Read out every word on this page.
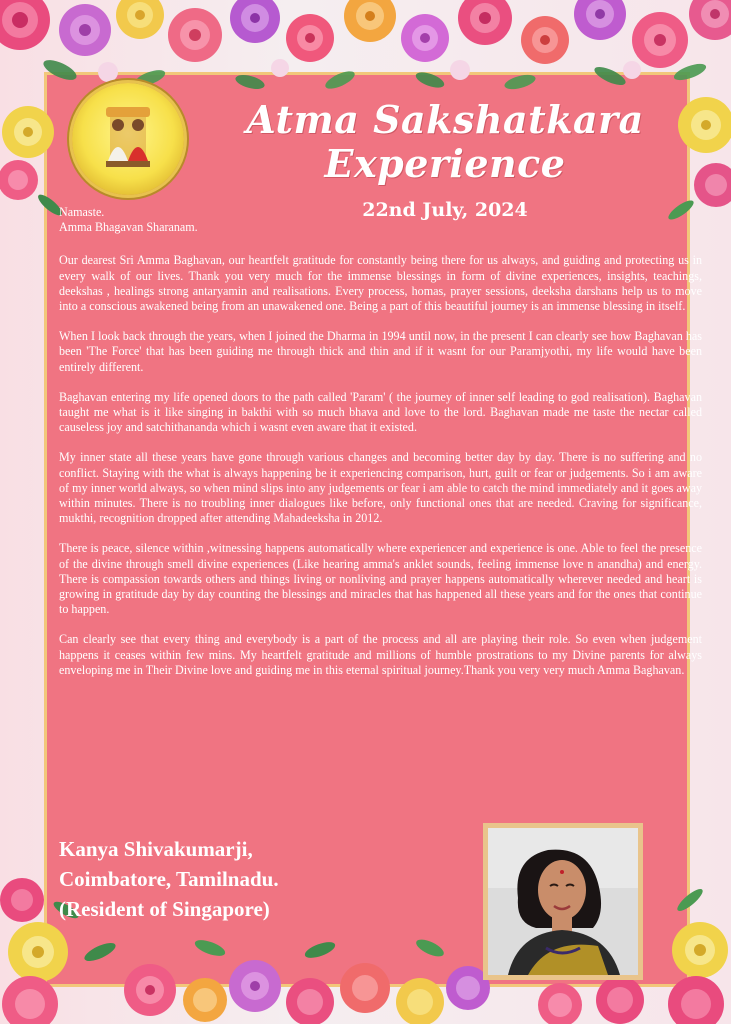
Atma Sakshatkara
Experience
22nd July, 2024
Namaste.
Amma Bhagavan Sharanam.

Our dearest Sri Amma Baghavan, our heartfelt gratitude for constantly being there for us always, and guiding and protecting us in every walk of our lives. Thank you very much for the immense blessings in form of divine experiences, insights, teachings, deekshas , healings strong antaryamin and realisations. Every process, homas, prayer sessions, deeksha darshans help us to move into a conscious awakened being from an unawakened one. Being a part of this beautiful journey is an immense blessing in itself.

When I look back through the years, when I joined the Dharma in 1994 until now, in the present I can clearly see how Baghavan has been 'The Force' that has been guiding me through thick and thin and if it wasnt for our Paramjyothi, my life would have been entirely different.

Baghavan entering my life opened doors to the path called 'Param' ( the journey of inner self leading to god realisation). Baghavan taught me what is it like singing in bakthi with so much bhava and love to the lord. Baghavan made me taste the nectar called causeless joy and satchithananda which i wasnt even aware that it existed.

My inner state all these years have gone through various changes and becoming better day by day. There is no suffering and no conflict. Staying with the what is always happening be it experiencing comparison, hurt, guilt or fear or judgements. So i am aware of my inner world always, so when mind slips into any judgements or fear i am able to catch the mind immediately and it goes away within minutes. There is no troubling inner dialogues like before, only functional ones that are needed. Craving for significance, mukthi, recognition dropped after attending Mahadeeksha in 2012.

There is peace, silence within ,witnessing happens automatically where experiencer and experience is one. Able to feel the presence of the divine through smell divine experiences (Like hearing amma's anklet sounds, feeling immense love n anandha) and energy. There is compassion towards others and things living or nonliving and prayer happens automatically wherever needed and heart is growing in gratitude day by day counting the blessings and miracles that has happened all these years and for the ones that continue to happen.

Can clearly see that every thing and everybody is a part of the process and all are playing their role. So even when judgement happens it ceases within few mins. My heartfelt gratitude and millions of humble prostrations to my Divine parents for always enveloping me in Their Divine love and guiding me in this eternal spiritual journey.Thank you very very much Amma Baghavan.

Kanya Shivakumarji,
Coimbatore, Tamilnadu.
(Resident of Singapore)
